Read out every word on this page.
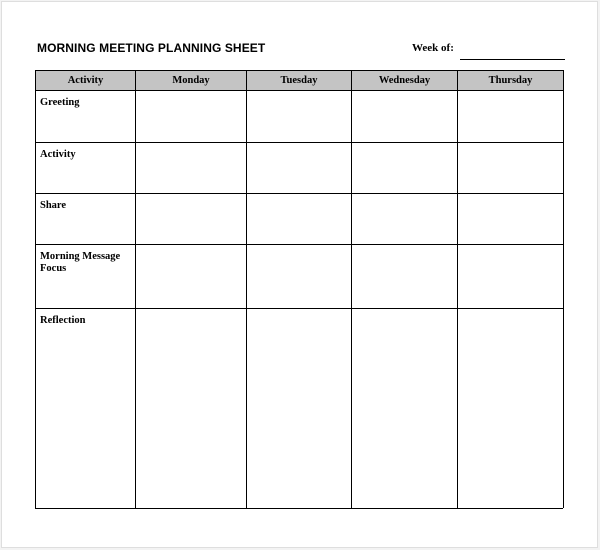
MORNING MEETING PLANNING SHEET	Week of:
Activity	Monday	Tuesday	Wednesday	Thursday
Greeting				
Activity				
Share				
Morning Message Focus				
Reflection				
